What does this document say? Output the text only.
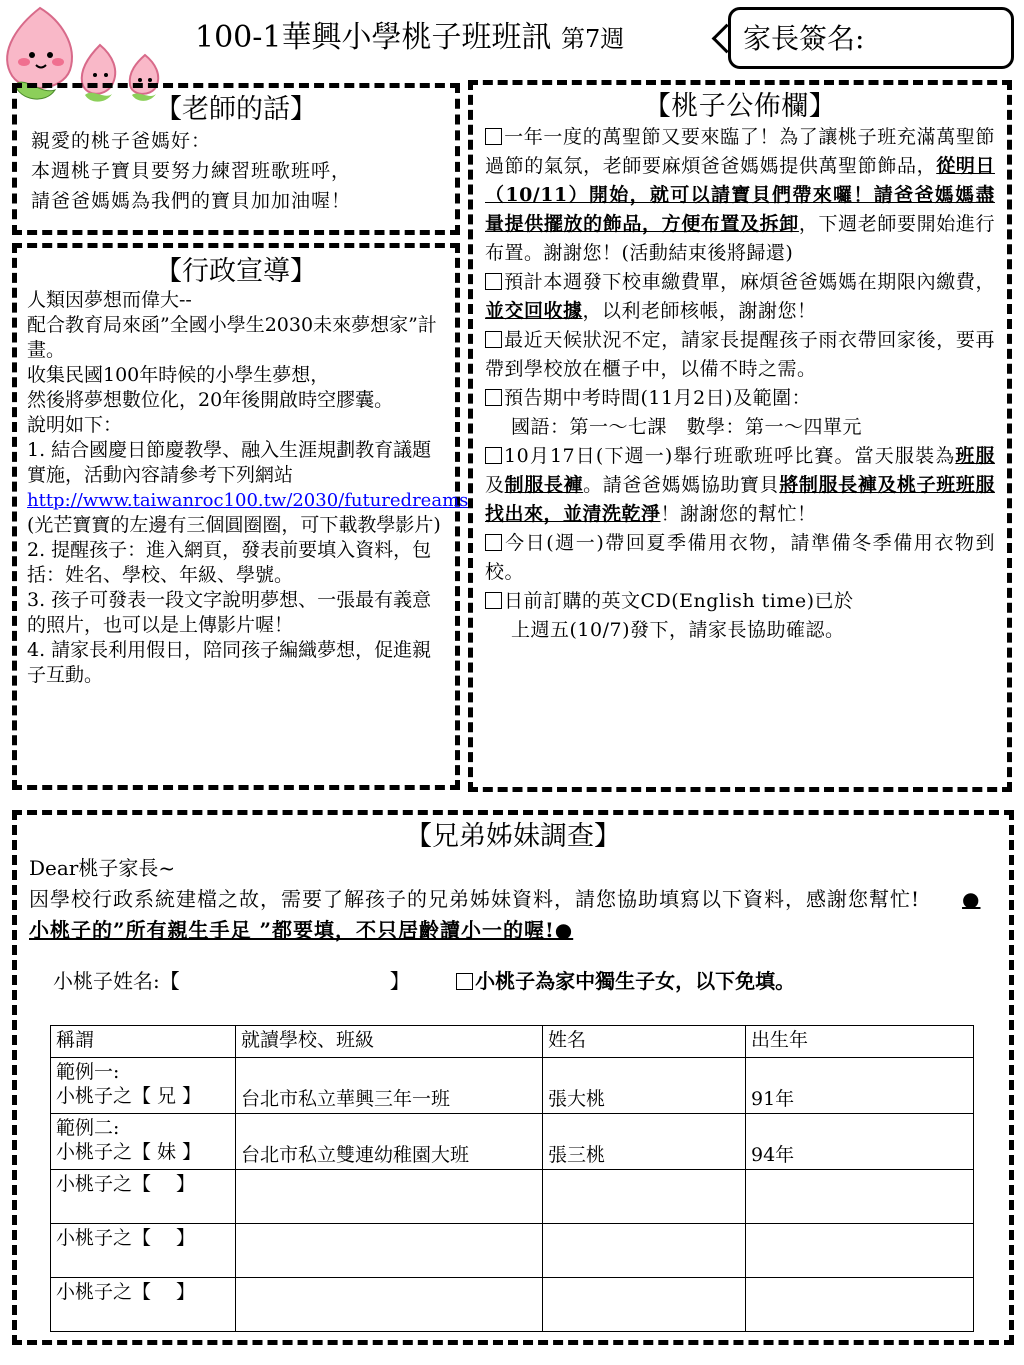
100-1華興小學桃子班班訊 第7週	家長簽名:
【老師的話】

親愛的桃子爸媽好：

本週桃子寶貝要努力練習班歌班呼，

請爸爸媽媽為我們的寶貝加加油喔！

【行政宣導】

人類因夢想而偉大--

配合教育局來函”全國小學生2030未來夢想家”計畫。

收集民國100年時候的小學生夢想，

然後將夢想數位化，20年後開啟時空膠囊。

說明如下：

1. 結合國慶日節慶教學、融入生涯規劃教育議題實施，活動內容請參考下列網站

http://www.taiwanroc100.tw/2030/futuredreams

(光芒寶寶的左邊有三個圓圈圈，可下載教學影片)

2. 提醒孩子：進入網頁，發表前要填入資料，包括：姓名、學校、年級、學號。

3. 孩子可發表一段文字說明夢想、一張最有義意的照片，也可以是上傳影片喔！

4. 請家長利用假日，陪同孩子編織夢想，促進親子互動。

【桃子公佈欄】

一年一度的萬聖節又要來臨了！為了讓桃子班充滿萬聖節過節的氣氛，老師要麻煩爸爸媽媽提供萬聖節飾品，從明日（10/11）開始，就可以請寶貝們帶來囉！請爸爸媽媽盡量提供擺放的飾品，方便布置及拆卸，下週老師要開始進行布置。謝謝您！(活動結束後將歸還)

預計本週發下校車繳費單，麻煩爸爸媽媽在期限內繳費，並交回收據，以利老師核帳，謝謝您！

最近天候狀況不定，請家長提醒孩子雨衣帶回家後，要再帶到學校放在櫃子中，以備不時之需。

預告期中考時間(11月2日)及範圍：

國語：第一～七課　數學：第一～四單元

10月17日(下週一)舉行班歌班呼比賽。當天服裝為班服及制服長褲。請爸爸媽媽協助寶貝將制服長褲及桃子班班服找出來，並清洗乾淨！謝謝您的幫忙！

今日(週一)帶回夏季備用衣物，請準備冬季備用衣物到校。

日前訂購的英文CD(English time)已於

上週五(10/7)發下，請家長協助確認。

【兄弟姊妹調查】

Dear桃子家長~

因學校行政系統建檔之故，需要了解孩子的兄弟姊妹資料，請您協助填寫以下資料，感謝您幫忙!　　 ●小桃子的”所有親生手足 ”都要填，不只居齡讀小一的喔!●

小桃子姓名:【	】	小桃子為家中獨生子女，以下免填。

稱謂	就讀學校、班級	姓名	出生年

範例一:
小桃子之【 兄 】	台北市私立華興三年一班	張大桃	91年

範例二:
小桃子之【 妹 】	台北市私立雙連幼稚園大班	張三桃	94年
小桃子之【　 】			
小桃子之【　 】			
小桃子之【　 】			
